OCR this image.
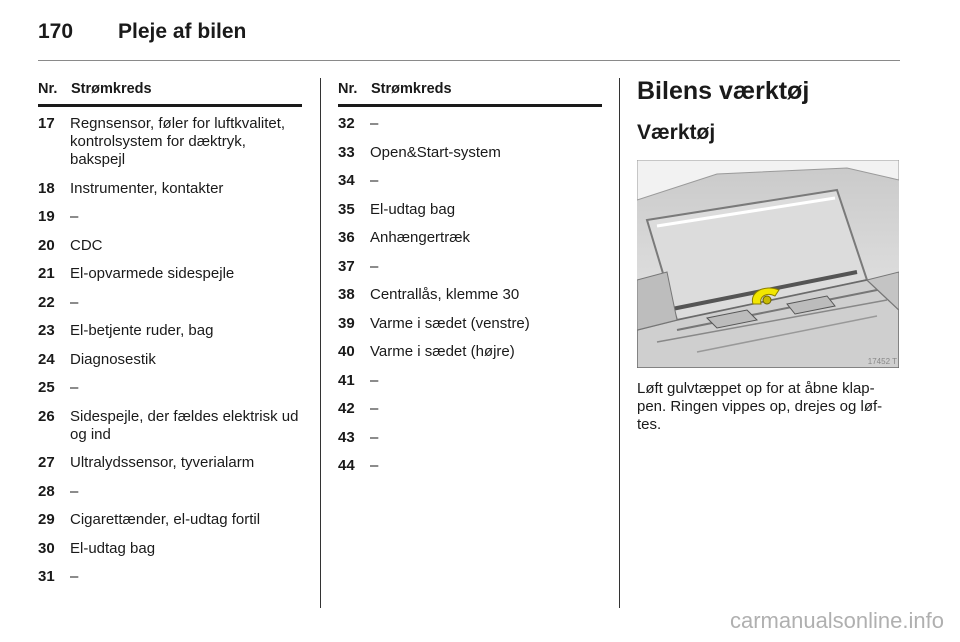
170 Pleje af bilen
Nr. Strømkreds
17 Regnsensor, føler for luftkvalitet, kontrolsystem for dæktryk, bakspejl
18 Instrumenter, kontakter
19 –
20 CDC
21 El-opvarmede sidespejle
22 –
23 El-betjente ruder, bag
24 Diagnosestik
25 –
26 Sidespejle, der fældes elektrisk ud og ind
27 Ultralydssensor, tyverialarm
28 –
29 Cigarettænder, el-udtag fortil
30 El-udtag bag
31 –
Nr. Strømkreds
32 –
33 Open&Start-system
34 –
35 El-udtag bag
36 Anhængertræk
37 –
38 Centrallås, klemme 30
39 Varme i sædet (venstre)
40 Varme i sædet (højre)
41 –
42 –
43 –
44 –
Bilens værktøj
Værktøj
17452 T
Løft gulvtæppet op for at åbne klap-pen. Ringen vippes op, drejes og løf-tes.
carmanualsonline.info
